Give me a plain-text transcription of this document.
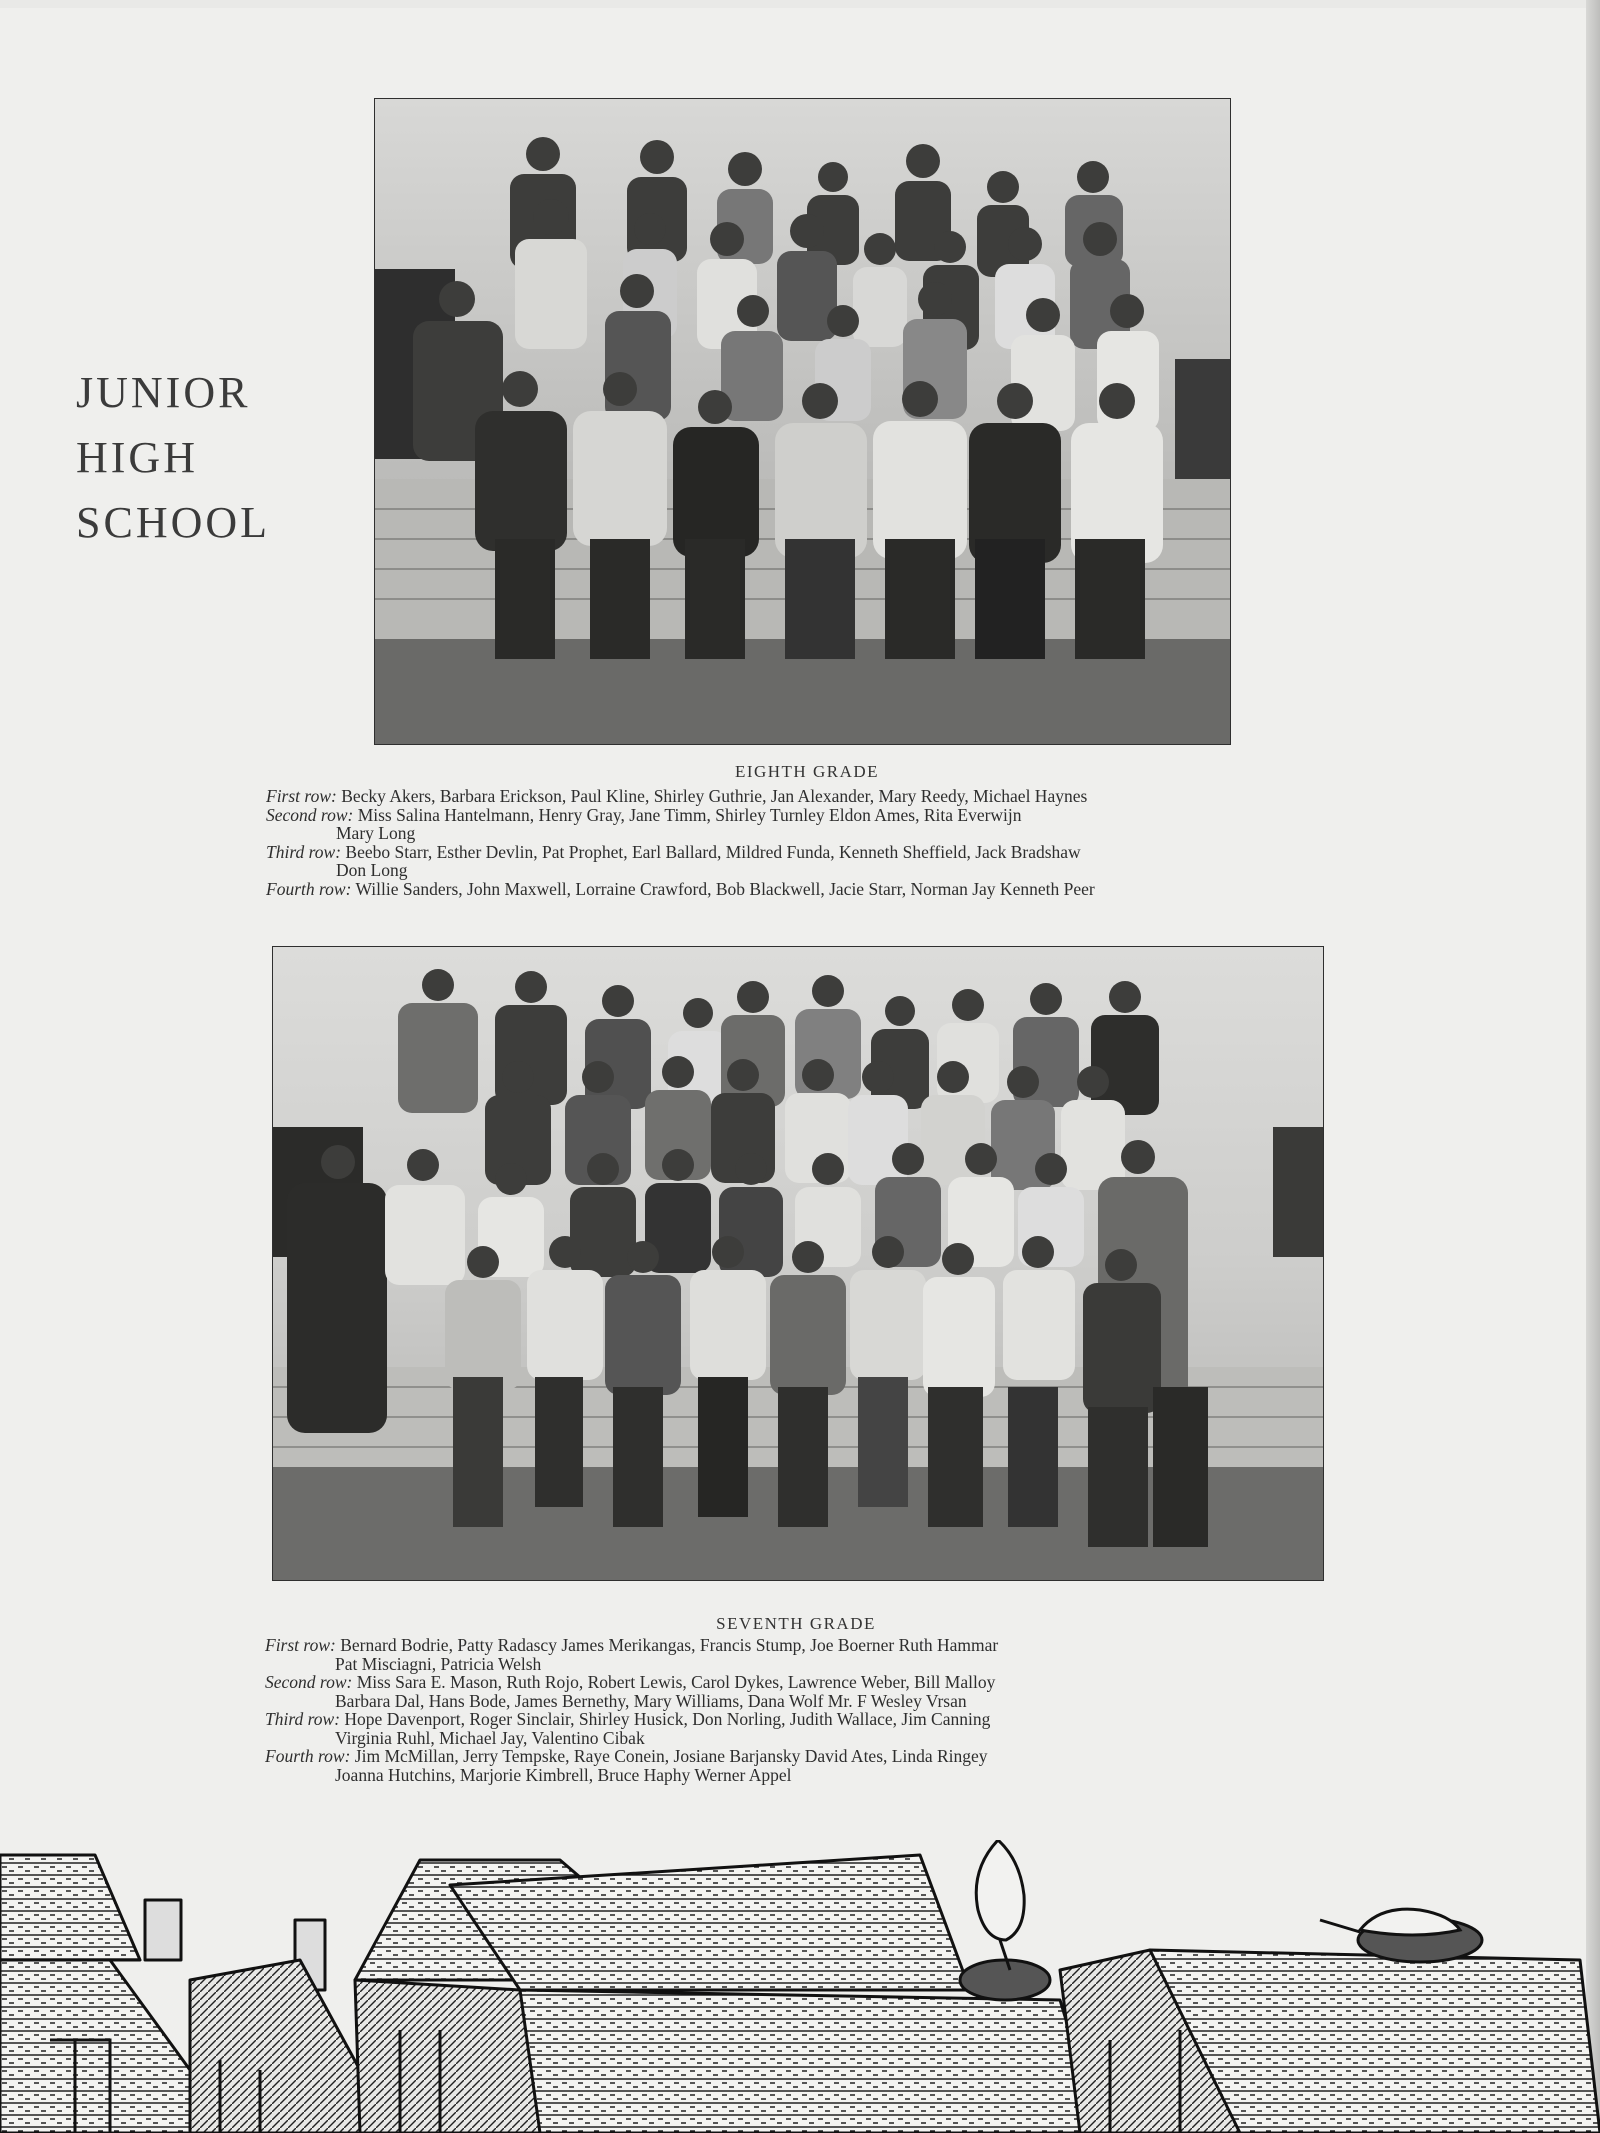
JUNIOR
HIGH
SCHOOL
EIGHTH GRADE
First row: Becky Akers, Barbara Erickson, Paul Kline, Shirley Guthrie, Jan Alexander, Mary Reedy, Michael Haynes
Second row: Miss Salina Hantelmann, Henry Gray, Jane Timm, Shirley Turnley Eldon Ames, Rita Everwijn
Mary Long
Third row: Beebo Starr, Esther Devlin, Pat Prophet, Earl Ballard, Mildred Funda, Kenneth Sheffield, Jack Bradshaw
Don Long
Fourth row: Willie Sanders, John Maxwell, Lorraine Crawford, Bob Blackwell, Jacie Starr, Norman Jay Kenneth Peer
SEVENTH GRADE
First row: Bernard Bodrie, Patty Radascy James Merikangas, Francis Stump, Joe Boerner Ruth Hammar
Pat Misciagni, Patricia Welsh
Second row: Miss Sara E. Mason, Ruth Rojo, Robert Lewis, Carol Dykes, Lawrence Weber, Bill Malloy
Barbara Dal, Hans Bode, James Bernethy, Mary Williams, Dana Wolf Mr. F Wesley Vrsan
Third row: Hope Davenport, Roger Sinclair, Shirley Husick, Don Norling, Judith Wallace, Jim Canning
Virginia Ruhl, Michael Jay, Valentino Cibak
Fourth row: Jim McMillan, Jerry Tempske, Raye Conein, Josiane Barjansky David Ates, Linda Ringey
Joanna Hutchins, Marjorie Kimbrell, Bruce Haphy Werner Appel
